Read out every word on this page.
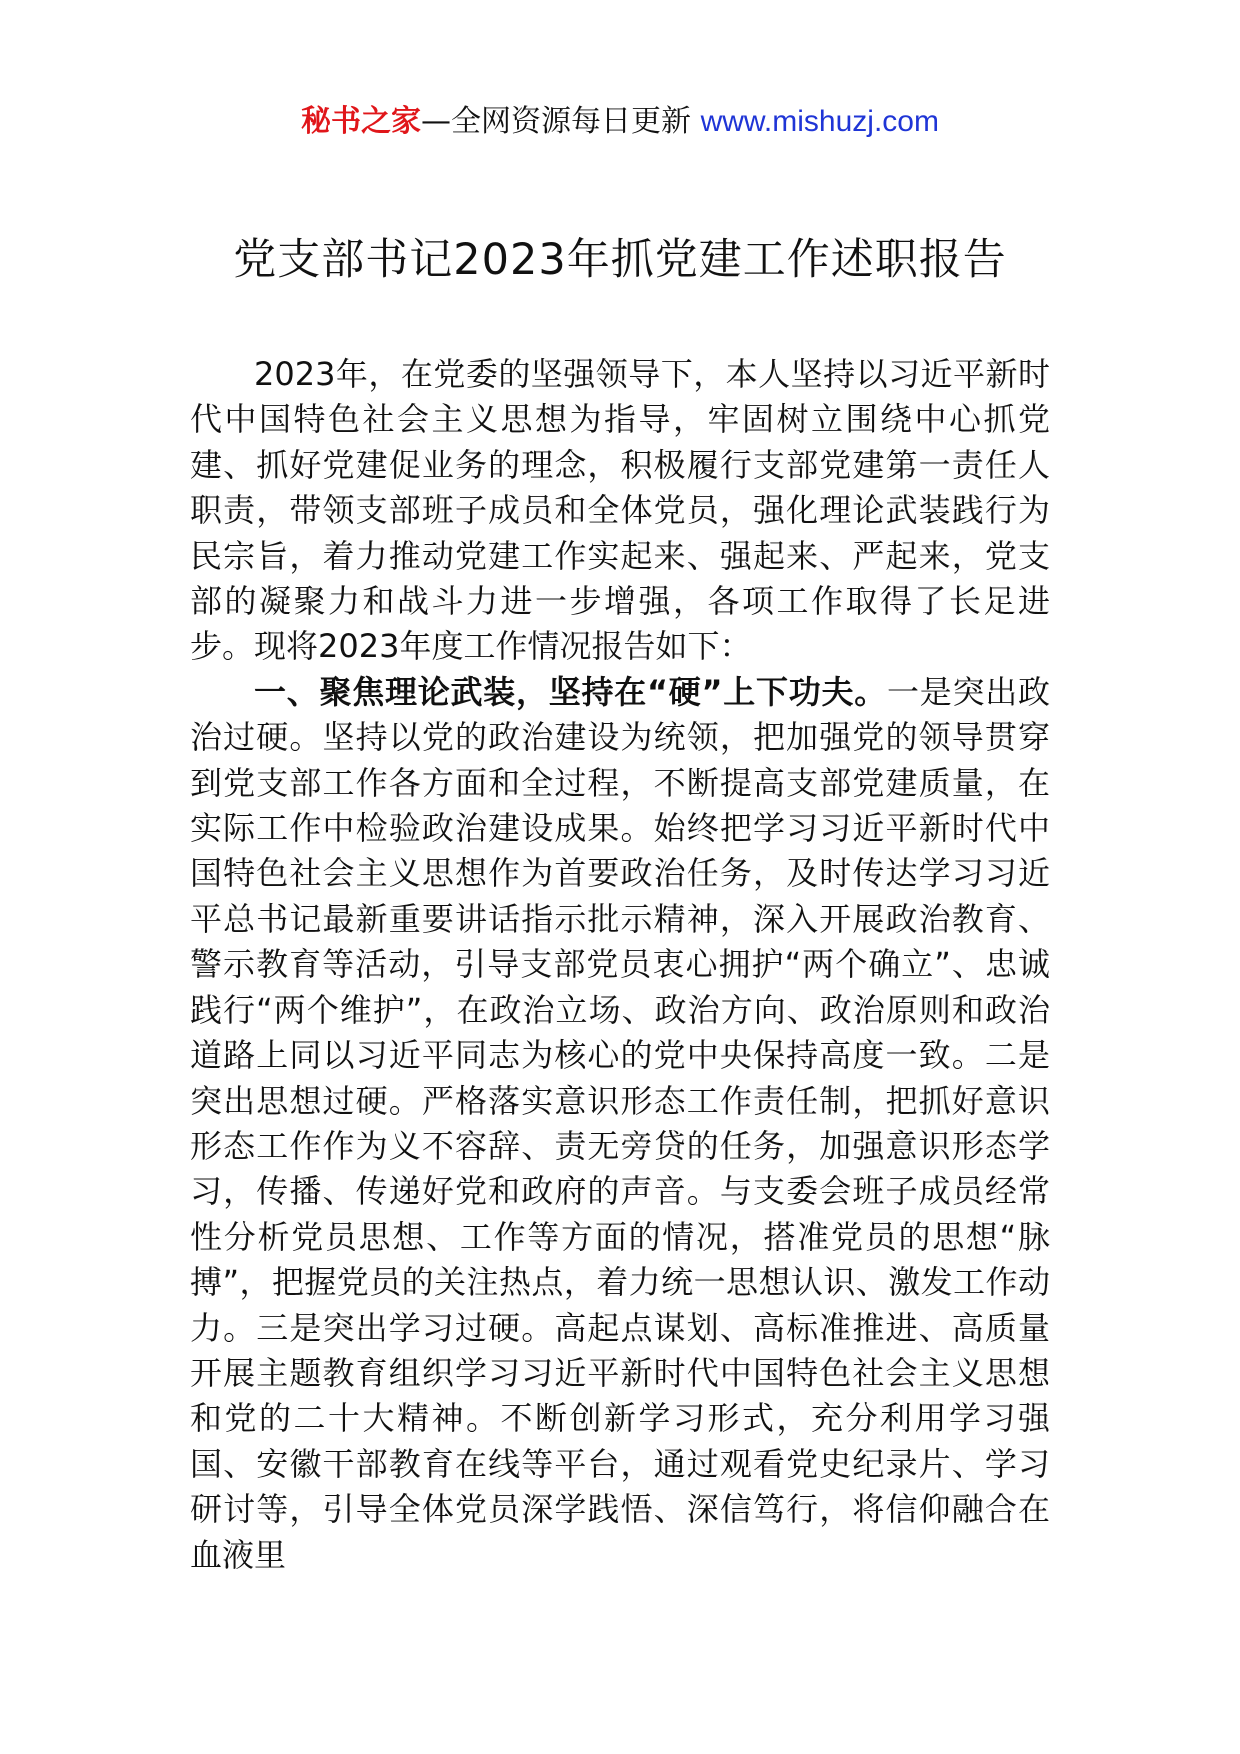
秘书之家—全网资源每日更新 www.mishuzj.com
党支部书记2023年抓党建工作述职报告

2023年，在党委的坚强领导下，本人坚持以习近平新时代中国特色社会主义思想为指导，牢固树立围绕中心抓党建、抓好党建促业务的理念，积极履行支部党建第一责任人职责，带领支部班子成员和全体党员，强化理论武装践行为民宗旨，着力推动党建工作实起来、强起来、严起来，党支部的凝聚力和战斗力进一步增强，各项工作取得了长足进步。现将2023年度工作情况报告如下：

一、聚焦理论武装，坚持在“硬”上下功夫。一是突出政治过硬。坚持以党的政治建设为统领，把加强党的领导贯穿到党支部工作各方面和全过程，不断提高支部党建质量，在实际工作中检验政治建设成果。始终把学习习近平新时代中国特色社会主义思想作为首要政治任务，及时传达学习习近平总书记最新重要讲话指示批示精神，深入开展政治教育、警示教育等活动，引导支部党员衷心拥护“两个确立”、忠诚践行“两个维护”，在政治立场、政治方向、政治原则和政治道路上同以习近平同志为核心的党中央保持高度一致。二是突出思想过硬。严格落实意识形态工作责任制，把抓好意识形态工作作为义不容辞、责无旁贷的任务，加强意识形态学习，传播、传递好党和政府的声音。与支委会班子成员经常性分析党员思想、工作等方面的情况，搭准党员的思想“脉搏”，把握党员的关注热点，着力统一思想认识、激发工作动力。三是突出学习过硬。高起点谋划、高标准推进、高质量开展主题教育组织学习习近平新时代中国特色社会主义思想和党的二十大精神。不断创新学习形式，充分利用学习强国、安徽干部教育在线等平台，通过观看党史纪录片、学习研讨等，引导全体党员深学践悟、深信笃行，将信仰融合在血液里
